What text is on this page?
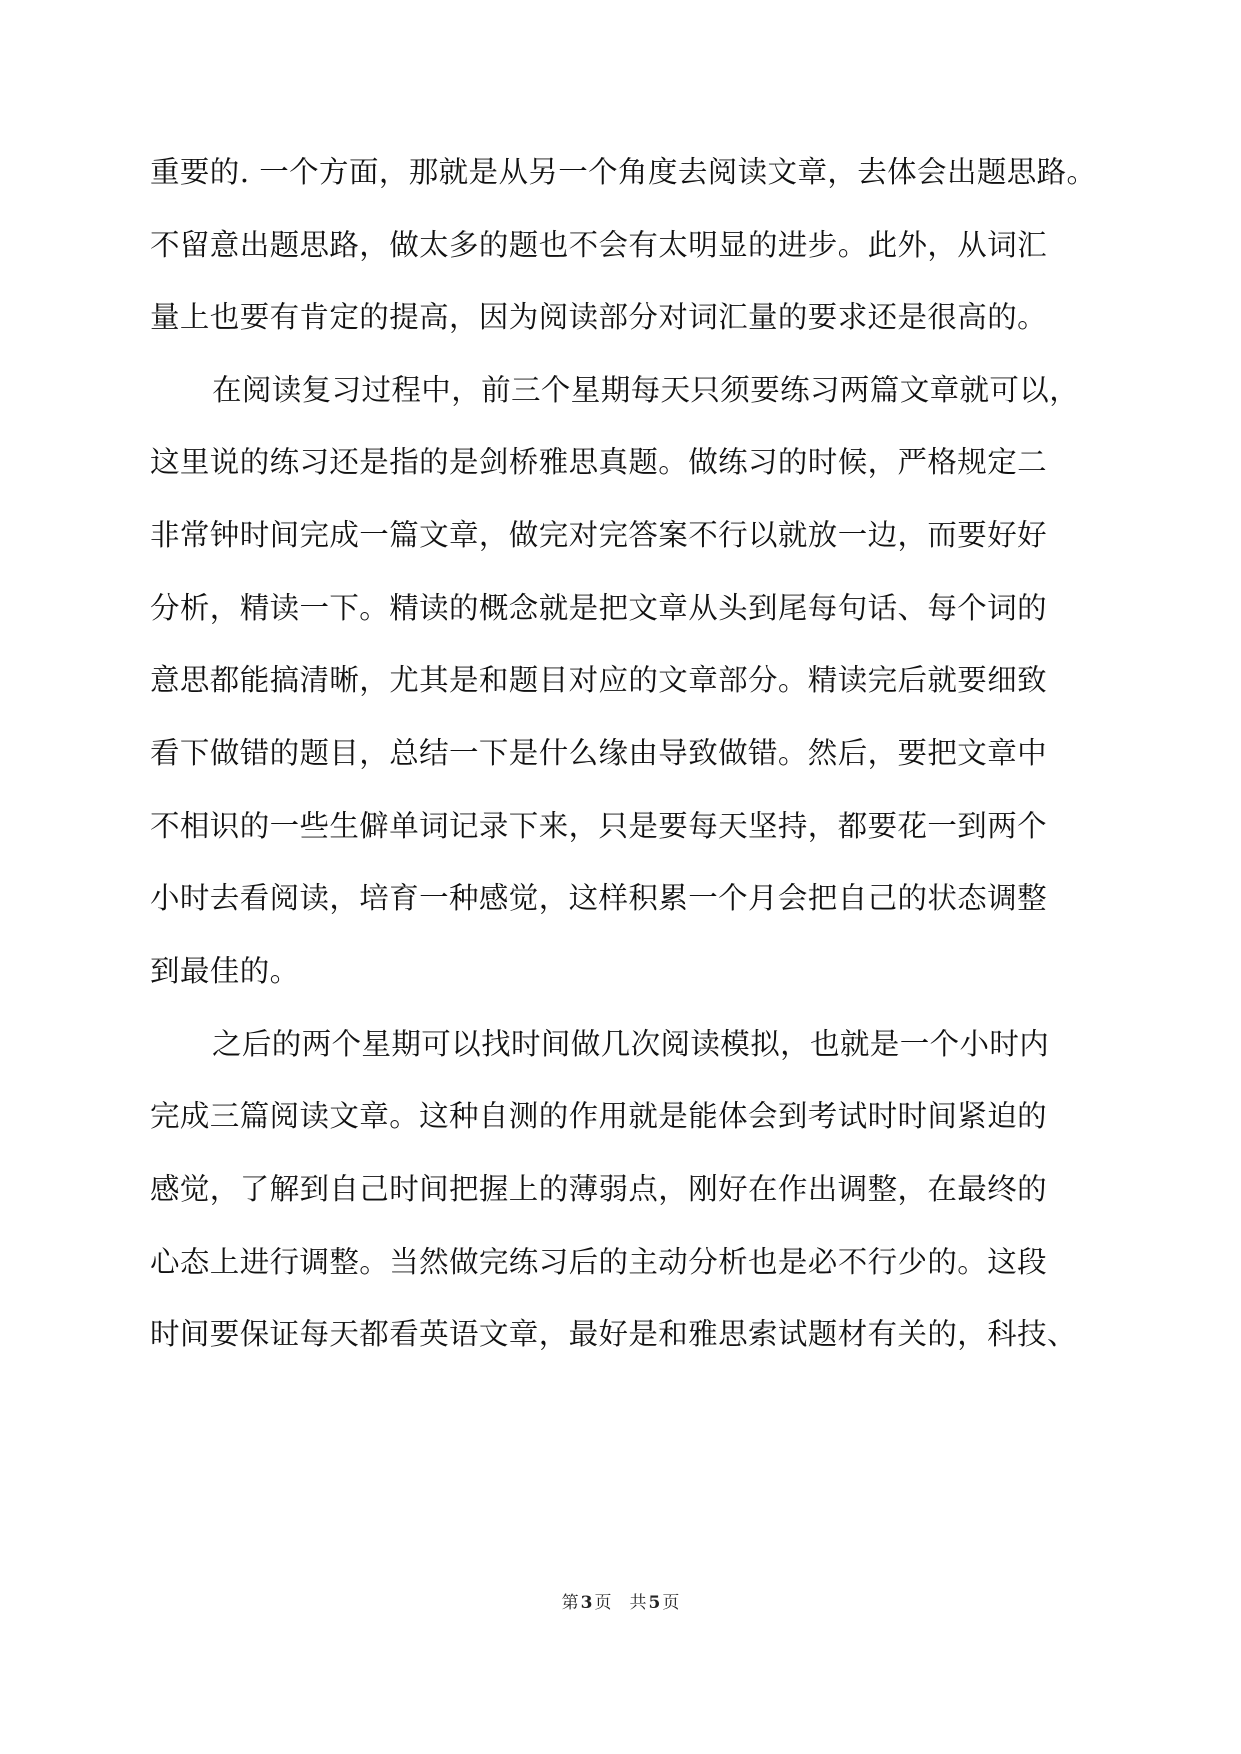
重要的. 一个方面，那就是从另一个角度去阅读文章，去体会出题思路。
不留意出题思路，做太多的题也不会有太明显的进步。此外，从词汇
量上也要有肯定的提高，因为阅读部分对词汇量的要求还是很高的。
在阅读复习过程中，前三个星期每天只须要练习两篇文章就可以，
这里说的练习还是指的是剑桥雅思真题。做练习的时候，严格规定二
非常钟时间完成一篇文章，做完对完答案不行以就放一边，而要好好
分析，精读一下。精读的概念就是把文章从头到尾每句话、每个词的
意思都能搞清晰，尤其是和题目对应的文章部分。精读完后就要细致
看下做错的题目，总结一下是什么缘由导致做错。然后，要把文章中
不相识的一些生僻单词记录下来，只是要每天坚持，都要花一到两个
小时去看阅读，培育一种感觉，这样积累一个月会把自己的状态调整
到最佳的。
之后的两个星期可以找时间做几次阅读模拟，也就是一个小时内
完成三篇阅读文章。这种自测的作用就是能体会到考试时时间紧迫的
感觉，了解到自己时间把握上的薄弱点，刚好在作出调整，在最终的
心态上进行调整。当然做完练习后的主动分析也是必不行少的。这段
时间要保证每天都看英语文章，最好是和雅思索试题材有关的，科技、
第 3 页 共 5 页
